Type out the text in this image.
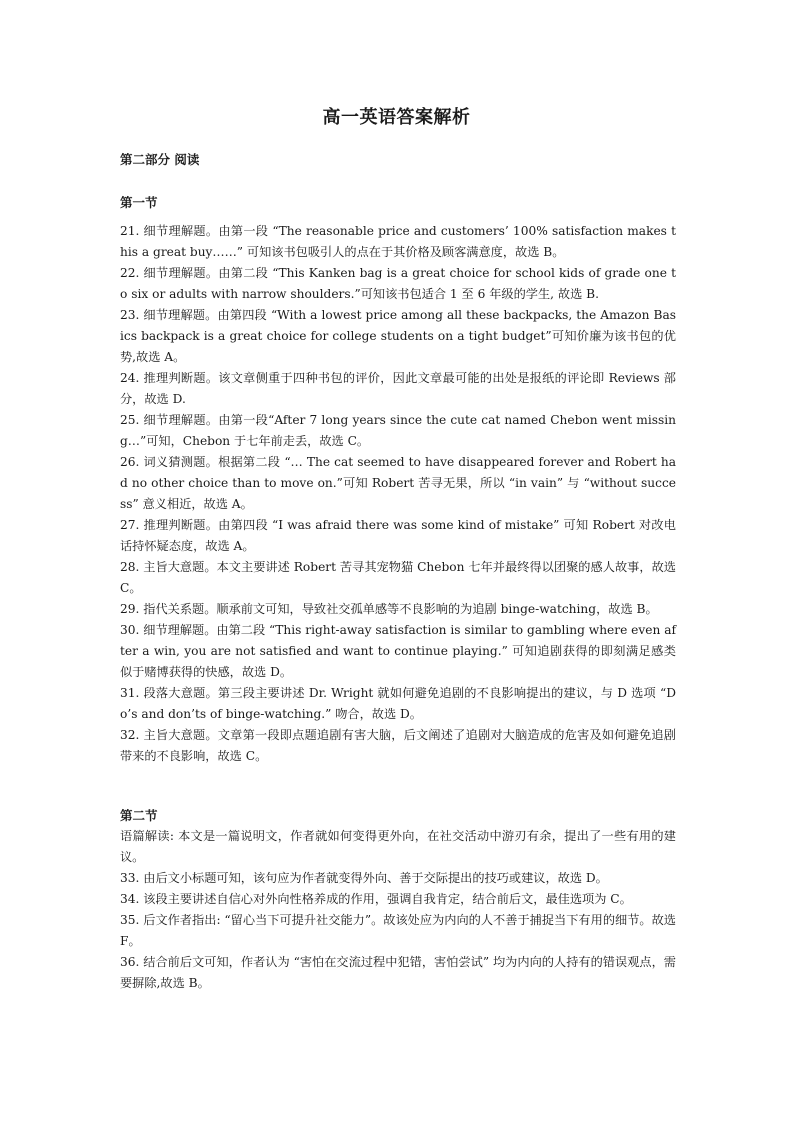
高一英语答案解析
第二部分 阅读
第一节

21. 细节理解题。由第一段 “The reasonable price and customers’ 100% satisfaction makes this a great buy……” 可知该书包吸引人的点在于其价格及顾客满意度，故选 B。

22. 细节理解题。由第二段 “This Kanken bag is a great choice for school kids of grade one to six or adults with narrow shoulders.”可知该书包适合 1 至 6 年级的学生, 故选 B.

23. 细节理解题。由第四段 “With a lowest price among all these backpacks, the Amazon Basics backpack is a great choice for college students on a tight budget”可知价廉为该书包的优势,故选 A。

24. 推理判断题。该文章侧重于四种书包的评价，因此文章最可能的出处是报纸的评论即 Reviews 部分，故选 D.

25. 细节理解题。由第一段“After 7 long years since the cute cat named Chebon went missing…”可知，Chebon 于七年前走丢，故选 C。

26. 词义猜测题。根据第二段 “… The cat seemed to have disappeared forever and Robert had no other choice than to move on.”可知 Robert 苦寻无果，所以 “in vain” 与 “without success” 意义相近，故选 A。

27. 推理判断题。由第四段 “I was afraid there was some kind of mistake” 可知 Robert 对改电话持怀疑态度，故选 A。

28. 主旨大意题。本文主要讲述 Robert 苦寻其宠物猫 Chebon 七年并最终得以团聚的感人故事，故选 C。

29. 指代关系题。顺承前文可知，导致社交孤单感等不良影响的为追剧 binge-watching，故选 B。

30. 细节理解题。由第二段 “This right-away satisfaction is similar to gambling where even after a win, you are not satisfied and want to continue playing.” 可知追剧获得的即刻满足感类似于赌博获得的快感，故选 D。

31. 段落大意题。第三段主要讲述 Dr. Wright 就如何避免追剧的不良影响提出的建议，与 D 选项 “Do’s and don’ts of binge-watching.” 吻合，故选 D。

32. 主旨大意题。文章第一段即点题追剧有害大脑，后文阐述了追剧对大脑造成的危害及如何避免追剧带来的不良影响，故选 C。

第二节

语篇解读: 本文是一篇说明文，作者就如何变得更外向，在社交活动中游刃有余，提出了一些有用的建议。

33. 由后文小标题可知，该句应为作者就变得外向、善于交际提出的技巧或建议，故选 D。

34. 该段主要讲述自信心对外向性格养成的作用，强调自我肯定，结合前后文，最佳选项为 C。

35. 后文作者指出: “留心当下可提升社交能力”。故该处应为内向的人不善于捕捉当下有用的细节。故选 F。

36. 结合前后文可知，作者认为 “害怕在交流过程中犯错，害怕尝试” 均为内向的人持有的错误观点，需要摒除,故选 B。
